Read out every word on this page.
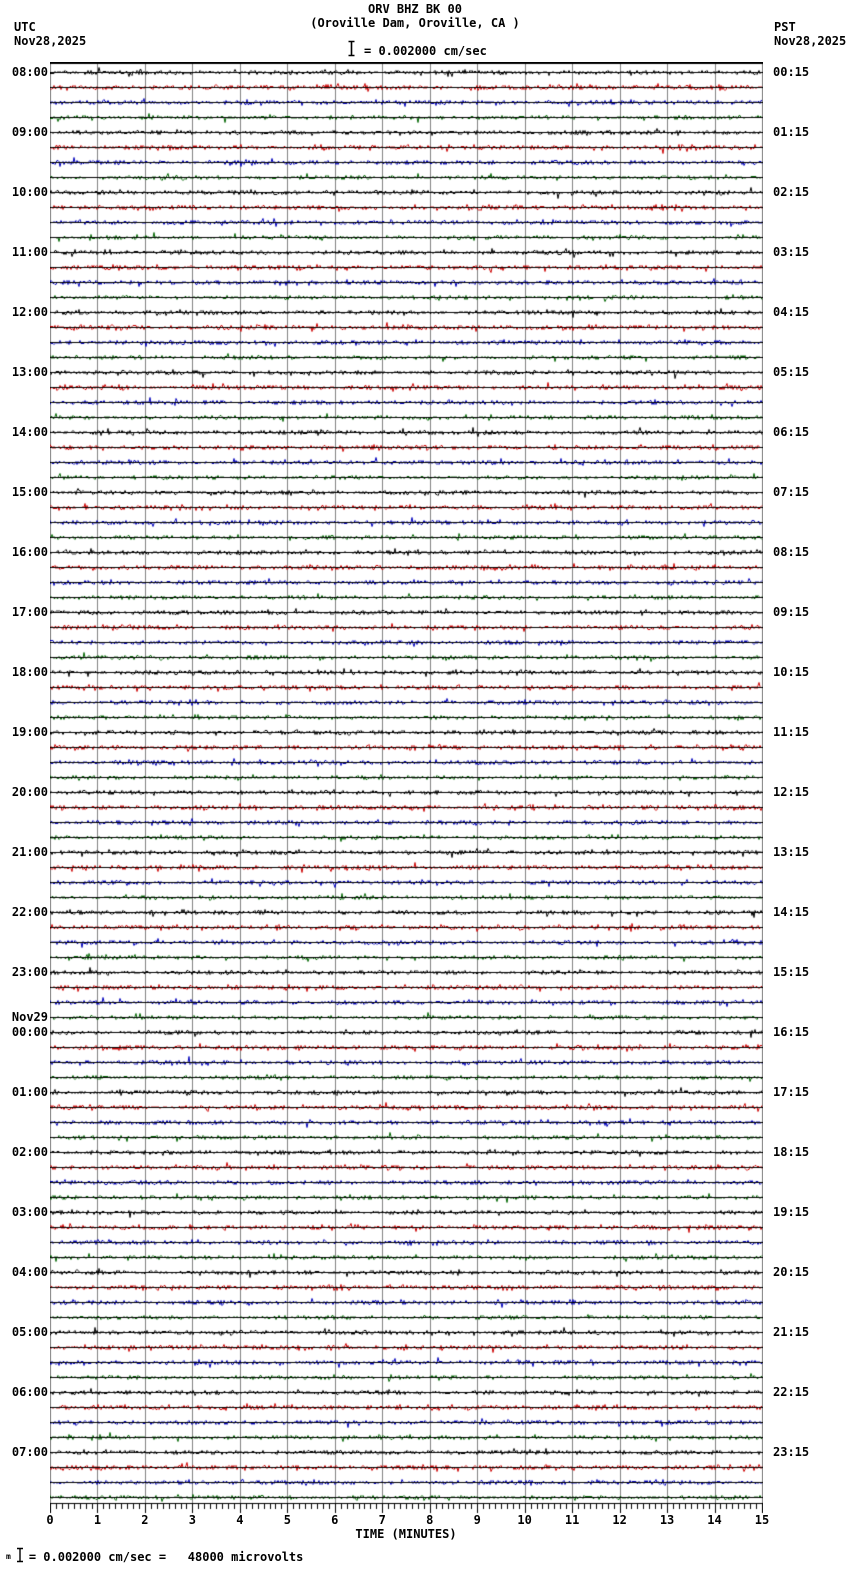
UTC
Nov28,2025
PST
Nov28,2025
ORV BHZ BK 00
(Oroville Dam, Oroville, CA )
= 0.002000 cm/sec
08:00
09:00
10:00
11:00
12:00
13:00
14:00
15:00
16:00
17:00
18:00
19:00
20:00
21:00
22:00
23:00
00:00
01:00
02:00
03:00
04:00
05:00
06:00
07:00
Nov29
00:15
01:15
02:15
03:15
04:15
05:15
06:15
07:15
08:15
09:15
10:15
11:15
12:15
13:15
14:15
15:15
16:15
17:15
18:15
19:15
20:15
21:15
22:15
23:15
0	1	2	3	4	5	6	7	8	9	10	11	12	13	14	15
TIME (MINUTES)
m = 0.002000 cm/sec =   48000 microvolts
